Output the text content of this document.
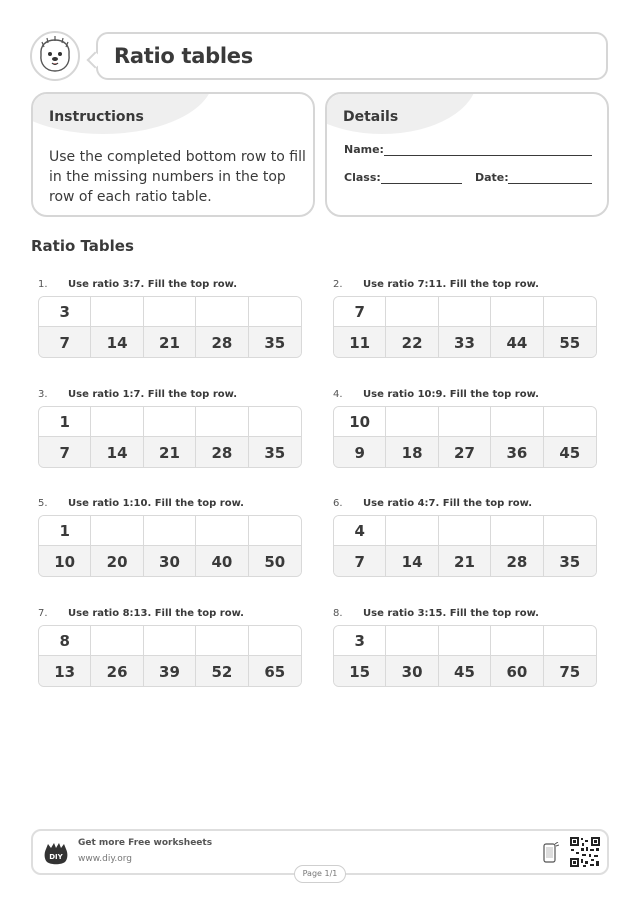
Ratio tables
Instructions

Use the completed bottom row to fill in the missing numbers in the top row of each ratio table.

Details
Name:
Class:	Date:
Ratio Tables
1. Use ratio 3:7. Fill the top row.
3
7	14	21	28	35
2. Use ratio 7:11. Fill the top row.
7
11	22	33	44	55
3. Use ratio 1:7. Fill the top row.
1
7	14	21	28	35
4. Use ratio 10:9. Fill the top row.
10
9	18	27	36	45
5. Use ratio 1:10. Fill the top row.
1
10	20	30	40	50
6. Use ratio 4:7. Fill the top row.
4
7	14	21	28	35
7. Use ratio 8:13. Fill the top row.
8
13	26	39	52	65
8. Use ratio 3:15. Fill the top row.
3
15	30	45	60	75
DIY
Get more Free worksheets
www.diy.org
Page 1/1
